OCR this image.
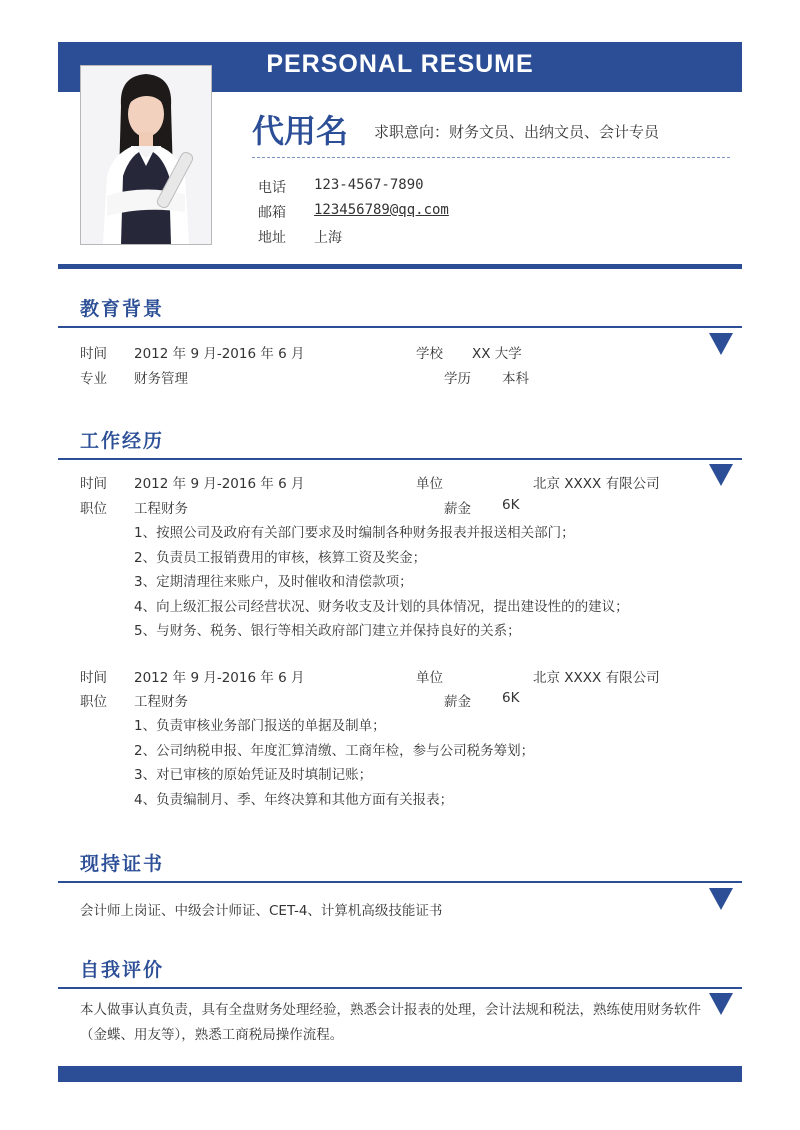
PERSONAL RESUME
代用名 求职意向：财务文员、出纳文员、会计专员
电话 123-4567-7890
邮箱 123456789@qq.com
地址 上海
教育背景
时间 2012 年 9 月-2016 年 6 月	学校 XX 大学
专业 财务管理	学历 本科
工作经历
时间 2012 年 9 月-2016 年 6 月	单位	北京 XXXX 有限公司
职位 工程财务	薪金 6K
1、按照公司及政府有关部门要求及时编制各种财务报表并报送相关部门；
2、负责员工报销费用的审核，核算工资及奖金；
3、定期清理往来账户，及时催收和清偿款项；
4、向上级汇报公司经营状况、财务收支及计划的具体情况，提出建设性的的建议；
5、与财务、税务、银行等相关政府部门建立并保持良好的关系；
时间 2012 年 9 月-2016 年 6 月	单位	北京 XXXX 有限公司
职位 工程财务	薪金 6K
1、负责审核业务部门报送的单据及制单；
2、公司纳税申报、年度汇算清缴、工商年检，参与公司税务筹划；
3、对已审核的原始凭证及时填制记账；
4、负责编制月、季、年终决算和其他方面有关报表；
现持证书
会计师上岗证、中级会计师证、CET-4、计算机高级技能证书
自我评价
本人做事认真负责，具有全盘财务处理经验，熟悉会计报表的处理，会计法规和税法，熟练使用财务软件（金蝶、用友等），熟悉工商税局操作流程。
